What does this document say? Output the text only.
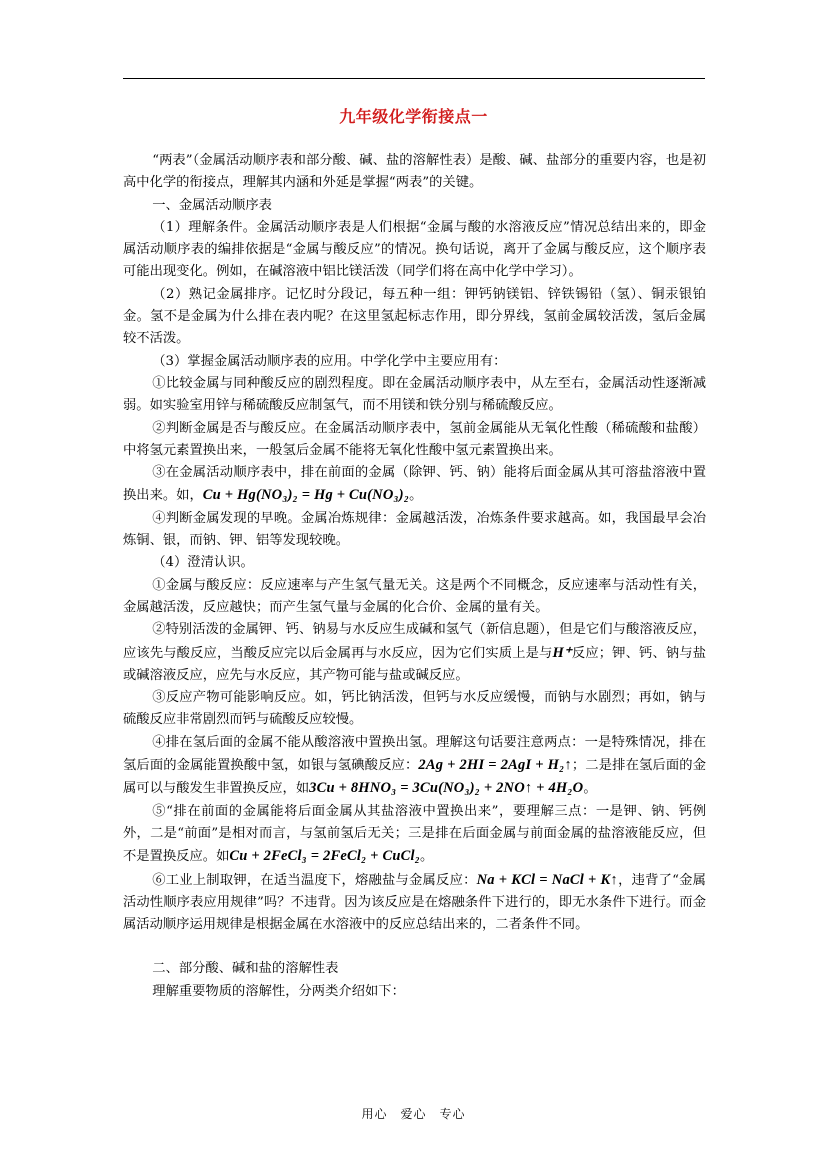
九年级化学衔接点一

“两表”（金属活动顺序表和部分酸、碱、盐的溶解性表）是酸、碱、盐部分的重要内容，也是初高中化学的衔接点，理解其内涵和外延是掌握“两表”的关键。

一、金属活动顺序表

（1）理解条件。金属活动顺序表是人们根据“金属与酸的水溶液反应”情况总结出来的，即金属活动顺序表的编排依据是“金属与酸反应”的情况。换句话说，离开了金属与酸反应，这个顺序表可能出现变化。例如，在碱溶液中铝比镁活泼（同学们将在高中化学中学习）。

（2）熟记金属排序。记忆时分段记，每五种一组：钾钙钠镁铝、锌铁锡铅（氢）、铜汞银铂金。氢不是金属为什么排在表内呢？在这里氢起标志作用，即分界线，氢前金属较活泼，氢后金属较不活泼。

（3）掌握金属活动顺序表的应用。中学化学中主要应用有：

①比较金属与同种酸反应的剧烈程度。即在金属活动顺序表中，从左至右，金属活动性逐渐减弱。如实验室用锌与稀硫酸反应制氢气，而不用镁和铁分别与稀硫酸反应。

②判断金属是否与酸反应。在金属活动顺序表中，氢前金属能从无氧化性酸（稀硫酸和盐酸）中将氢元素置换出来，一般氢后金属不能将无氧化性酸中氢元素置换出来。

③在金属活动顺序表中，排在前面的金属（除钾、钙、钠）能将后面金属从其可溶盐溶液中置换出来。如，Cu + Hg(NO₃)₂ = Hg + Cu(NO₃)₂。

④判断金属发现的早晚。金属冶炼规律：金属越活泼，冶炼条件要求越高。如，我国最早会冶炼铜、银，而钠、钾、铝等发现较晚。

（4）澄清认识。

①金属与酸反应：反应速率与产生氢气量无关。这是两个不同概念，反应速率与活动性有关，金属越活泼，反应越快；而产生氢气量与金属的化合价、金属的量有关。

②特别活泼的金属钾、钙、钠易与水反应生成碱和氢气（新信息题），但是它们与酸溶液反应，应该先与酸反应，当酸反应完以后金属再与水反应，因为它们实质上是与H⁺反应；钾、钙、钠与盐或碱溶液反应，应先与水反应，其产物可能与盐或碱反应。

③反应产物可能影响反应。如，钙比钠活泼，但钙与水反应缓慢，而钠与水剧烈；再如，钠与硫酸反应非常剧烈而钙与硫酸反应较慢。

④排在氢后面的金属不能从酸溶液中置换出氢。理解这句话要注意两点：一是特殊情况，排在氢后面的金属能置换酸中氢，如银与氢碘酸反应：2Ag + 2HI = 2AgI + H₂↑；二是排在氢后面的金属可以与酸发生非置换反应，如3Cu + 8HNO₃ = 3Cu(NO₃)₂ + 2NO↑ + 4H₂O。

⑤“排在前面的金属能将后面金属从其盐溶液中置换出来”，要理解三点：一是钾、钠、钙例外，二是“前面”是相对而言，与氢前氢后无关；三是排在后面金属与前面金属的盐溶液能反应，但不是置换反应。如Cu + 2FeCl₃ = 2FeCl₂ + CuCl₂。

⑥工业上制取钾，在适当温度下，熔融盐与金属反应：Na + KCl = NaCl + K↑，违背了“金属活动性顺序表应用规律”吗？不违背。因为该反应是在熔融条件下进行的，即无水条件下进行。而金属活动顺序运用规律是根据金属在水溶液中的反应总结出来的，二者条件不同。

二、部分酸、碱和盐的溶解性表

理解重要物质的溶解性，分两类介绍如下：

用心　爱心　专心
